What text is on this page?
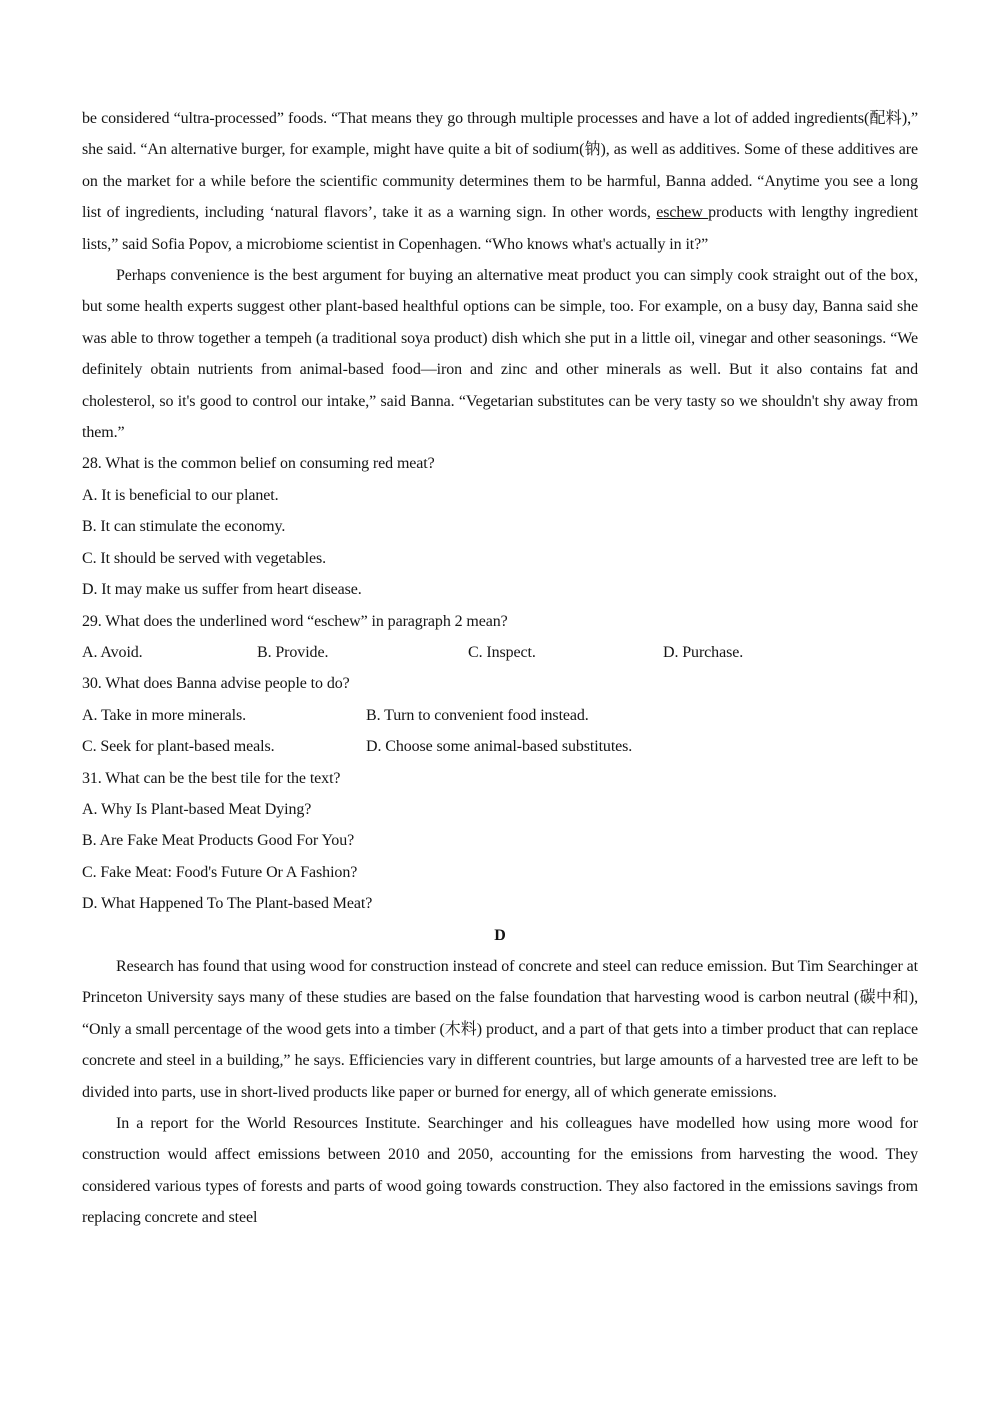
be considered “ultra-processed” foods. “That means they go through multiple processes and have a lot of added ingredients(配料),” she said. “An alternative burger, for example, might have quite a bit of sodium(钠), as well as additives. Some of these additives are on the market for a while before the scientific community determines them to be harmful, Banna added. “Anytime you see a long list of ingredients, including ‘natural flavors’, take it as a warning sign. In other words, eschew products with lengthy ingredient lists,” said Sofia Popov, a microbiome scientist in Copenhagen. “Who knows what's actually in it?”

Perhaps convenience is the best argument for buying an alternative meat product you can simply cook straight out of the box, but some health experts suggest other plant-based healthful options can be simple, too. For example, on a busy day, Banna said she was able to throw together a tempeh (a traditional soya product) dish which she put in a little oil, vinegar and other seasonings. “We definitely obtain nutrients from animal-based food—iron and zinc and other minerals as well. But it also contains fat and cholesterol, so it's good to control our intake,” said Banna. “Vegetarian substitutes can be very tasty so we shouldn't shy away from them.”

28. What is the common belief on consuming red meat?
A. It is beneficial to our planet.
B. It can stimulate the economy.
C. It should be served with vegetables.
D. It may make us suffer from heart disease.
29. What does the underlined word “eschew” in paragraph 2 mean?
A. Avoid.	B. Provide.	C. Inspect.	D. Purchase.
30. What does Banna advise people to do?
A. Take in more minerals.	B. Turn to convenient food instead.
C. Seek for plant-based meals.	D. Choose some animal-based substitutes.
31. What can be the best tile for the text?
A. Why Is Plant-based Meat Dying?
B. Are Fake Meat Products Good For You?
C. Fake Meat: Food's Future Or A Fashion?
D. What Happened To The Plant-based Meat?
D

Research has found that using wood for construction instead of concrete and steel can reduce emission. But Tim Searchinger at Princeton University says many of these studies are based on the false foundation that harvesting wood is carbon neutral (碳中和), “Only a small percentage of the wood gets into a timber (木料) product, and a part of that gets into a timber product that can replace concrete and steel in a building,” he says. Efficiencies vary in different countries, but large amounts of a harvested tree are left to be divided into parts, use in short-lived products like paper or burned for energy, all of which generate emissions.

In a report for the World Resources Institute. Searchinger and his colleagues have modelled how using more wood for construction would affect emissions between 2010 and 2050, accounting for the emissions from harvesting the wood. They considered various types of forests and parts of wood going towards construction. They also factored in the emissions savings from replacing concrete and steel
